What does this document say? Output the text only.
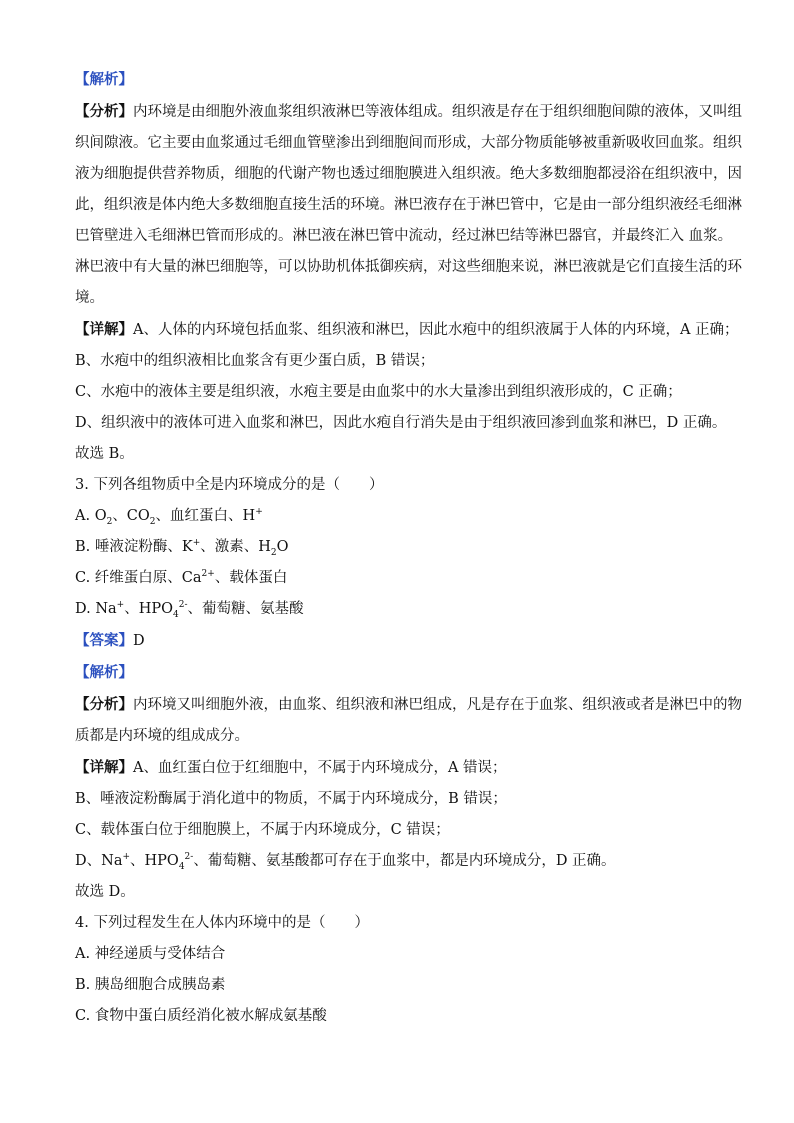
【解析】
【分析】内环境是由细胞外液血浆组织液淋巴等液体组成。组织液是存在于组织细胞间隙的液体，又叫组
织间隙液。它主要由血浆通过毛细血管壁渗出到细胞间而形成，大部分物质能够被重新吸收回血浆。组织
液为细胞提供营养物质，细胞的代谢产物也透过细胞膜进入组织液。绝大多数细胞都浸浴在组织液中，因
此，组织液是体内绝大多数细胞直接生活的环境。淋巴液存在于淋巴管中，它是由一部分组织液经毛细淋
巴管壁进入毛细淋巴管而形成的。淋巴液在淋巴管中流动，经过淋巴结等淋巴器官，并最终汇入 血浆。
淋巴液中有大量的淋巴细胞等，可以协助机体抵御疾病，对这些细胞来说，淋巴液就是它们直接生活的环
境。
【详解】A、人体的内环境包括血浆、组织液和淋巴，因此水疱中的组织液属于人体的内环境，A 正确；
B、水疱中的组织液相比血浆含有更少蛋白质，B 错误；
C、水疱中的液体主要是组织液，水疱主要是由血浆中的水大量渗出到组织液形成的，C 正确；
D、组织液中的液体可进入血浆和淋巴，因此水疱自行消失是由于组织液回渗到血浆和淋巴，D 正确。
故选 B。
3. 下列各组物质中全是内环境成分的是（　　）
A. $O_2$、$CO_2$、血红蛋白、H+
B. 唾液淀粉酶、K+、激素、$H_2O$
C. 纤维蛋白原、$Ca^{2+}$、载体蛋白
D. Na+、$HPO_4^{2-}$、葡萄糖、氨基酸
【答案】D
【解析】
【分析】内环境又叫细胞外液，由血浆、组织液和淋巴组成，凡是存在于血浆、组织液或者是淋巴中的物
质都是内环境的组成成分。
【详解】A、血红蛋白位于红细胞中，不属于内环境成分，A 错误；
B、唾液淀粉酶属于消化道中的物质，不属于内环境成分，B 错误；
C、载体蛋白位于细胞膜上，不属于内环境成分，C 错误；
D、Na+、$HPO_4^{2-}$、葡萄糖、氨基酸都可存在于血浆中，都是内环境成分，D 正确。
故选 D。
4. 下列过程发生在人体内环境中的是（　　）
A. 神经递质与受体结合
B. 胰岛细胞合成胰岛素
C. 食物中蛋白质经消化被水解成氨基酸
